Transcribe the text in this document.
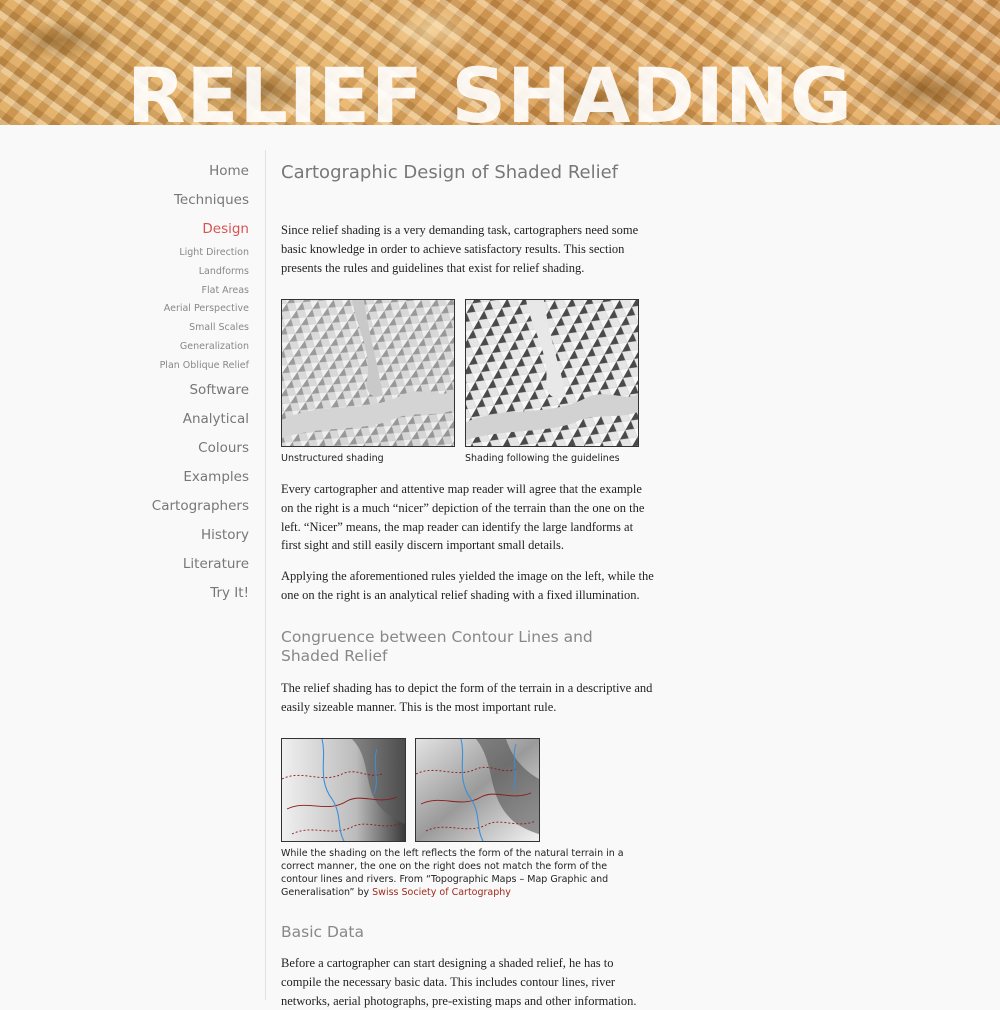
RELIEF SHADING
Home
Techniques
Design
Light Direction
Landforms
Flat Areas
Aerial Perspective
Small Scales
Generalization
Plan Oblique Relief
Software
Analytical
Colours
Examples
Cartographers
History
Literature
Try It!
Cartographic Design of Shaded Relief

Since relief shading is a very demanding task, cartographers need some basic knowledge in order to achieve satisfactory results. This section presents the rules and guidelines that exist for relief shading.

Unstructured shading	Shading following the guidelines

Every cartographer and attentive map reader will agree that the example on the right is a much “nicer” depiction of the terrain than the one on the left. “Nicer” means, the map reader can identify the large landforms at first sight and still easily discern important small details.

Applying the aforementioned rules yielded the image on the left, while the one on the right is an analytical relief shading with a fixed illumination.

Congruence between Contour Lines and Shaded Relief

The relief shading has to depict the form of the terrain in a descriptive and easily sizeable manner. This is the most important rule.

While the shading on the left reflects the form of the natural terrain in a correct manner, the one on the right does not match the form of the contour lines and rivers. From “Topographic Maps – Map Graphic and Generalisation” by Swiss Society of Cartography
Basic Data

Before a cartographer can start designing a shaded relief, he has to compile the necessary basic data. This includes contour lines, river networks, aerial photographs, pre-existing maps and other information.
